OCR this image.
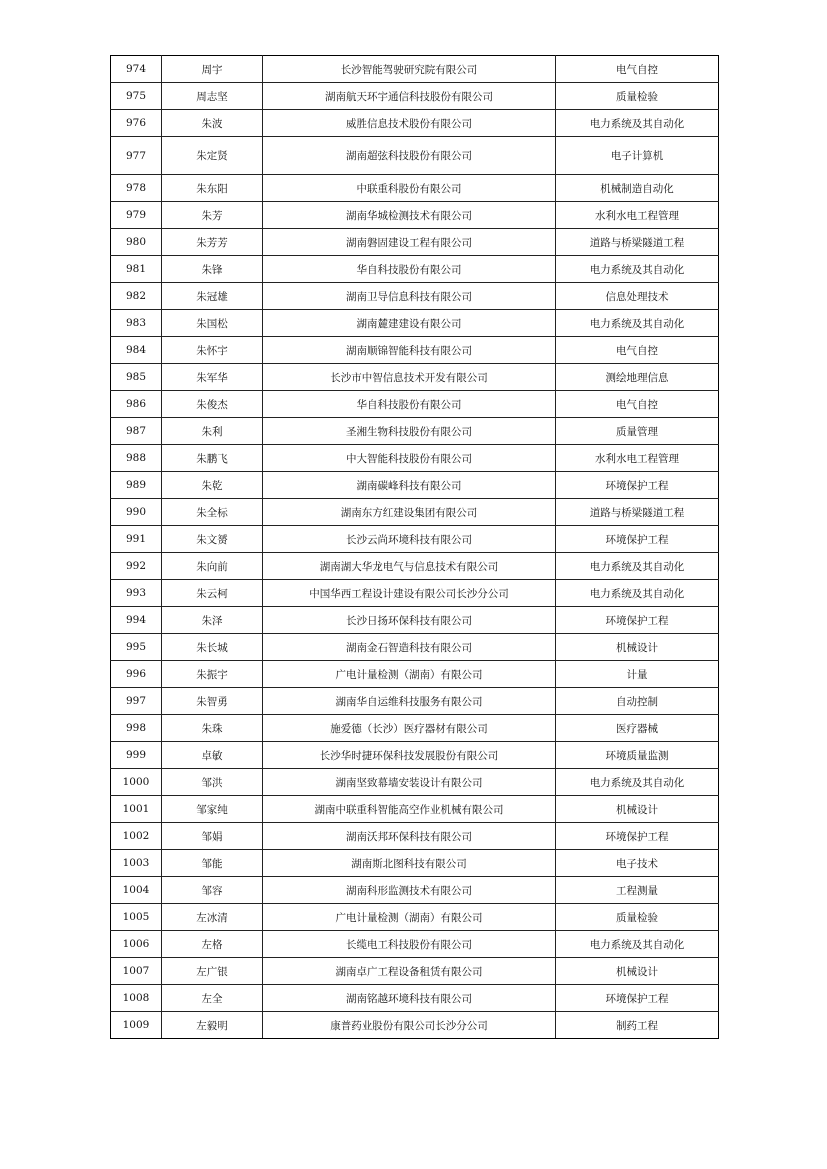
974	周宇	长沙智能驾驶研究院有限公司	电气自控
975	周志坚	湖南航天环宇通信科技股份有限公司	质量检验
976	朱波	威胜信息技术股份有限公司	电力系统及其自动化
977	朱定贤	湖南超弦科技股份有限公司	电子计算机
978	朱东阳	中联重科股份有限公司	机械制造自动化
979	朱芳	湖南华城检测技术有限公司	水利水电工程管理
980	朱芳芳	湖南磐固建设工程有限公司	道路与桥梁隧道工程
981	朱锋	华自科技股份有限公司	电力系统及其自动化
982	朱冠雄	湖南卫导信息科技有限公司	信息处理技术
983	朱国松	湖南麓建建设有限公司	电力系统及其自动化
984	朱怀宇	湖南顺锦智能科技有限公司	电气自控
985	朱军华	长沙市中智信息技术开发有限公司	测绘地理信息
986	朱俊杰	华自科技股份有限公司	电气自控
987	朱利	圣湘生物科技股份有限公司	质量管理
988	朱鹏飞	中大智能科技股份有限公司	水利水电工程管理
989	朱乾	湖南碳峰科技有限公司	环境保护工程
990	朱全标	湖南东方红建设集团有限公司	道路与桥梁隧道工程
991	朱文赟	长沙云尚环境科技有限公司	环境保护工程
992	朱向前	湖南湖大华龙电气与信息技术有限公司	电力系统及其自动化
993	朱云柯	中国华西工程设计建设有限公司长沙分公司	电力系统及其自动化
994	朱泽	长沙日扬环保科技有限公司	环境保护工程
995	朱长城	湖南金石智造科技有限公司	机械设计
996	朱振宇	广电计量检测（湖南）有限公司	计量
997	朱智勇	湖南华自运维科技服务有限公司	自动控制
998	朱珠	施爱德（长沙）医疗器材有限公司	医疗器械
999	卓敏	长沙华时捷环保科技发展股份有限公司	环境质量监测
1000	邹洪	湖南坚致幕墙安装设计有限公司	电力系统及其自动化
1001	邹家纯	湖南中联重科智能高空作业机械有限公司	机械设计
1002	邹娟	湖南沃邦环保科技有限公司	环境保护工程
1003	邹能	湖南斯北图科技有限公司	电子技术
1004	邹容	湖南科形监测技术有限公司	工程测量
1005	左冰清	广电计量检测（湖南）有限公司	质量检验
1006	左格	长缆电工科技股份有限公司	电力系统及其自动化
1007	左广银	湖南卓广工程设备租赁有限公司	机械设计
1008	左全	湖南铭越环境科技有限公司	环境保护工程
1009	左毅明	康普药业股份有限公司长沙分公司	制药工程
